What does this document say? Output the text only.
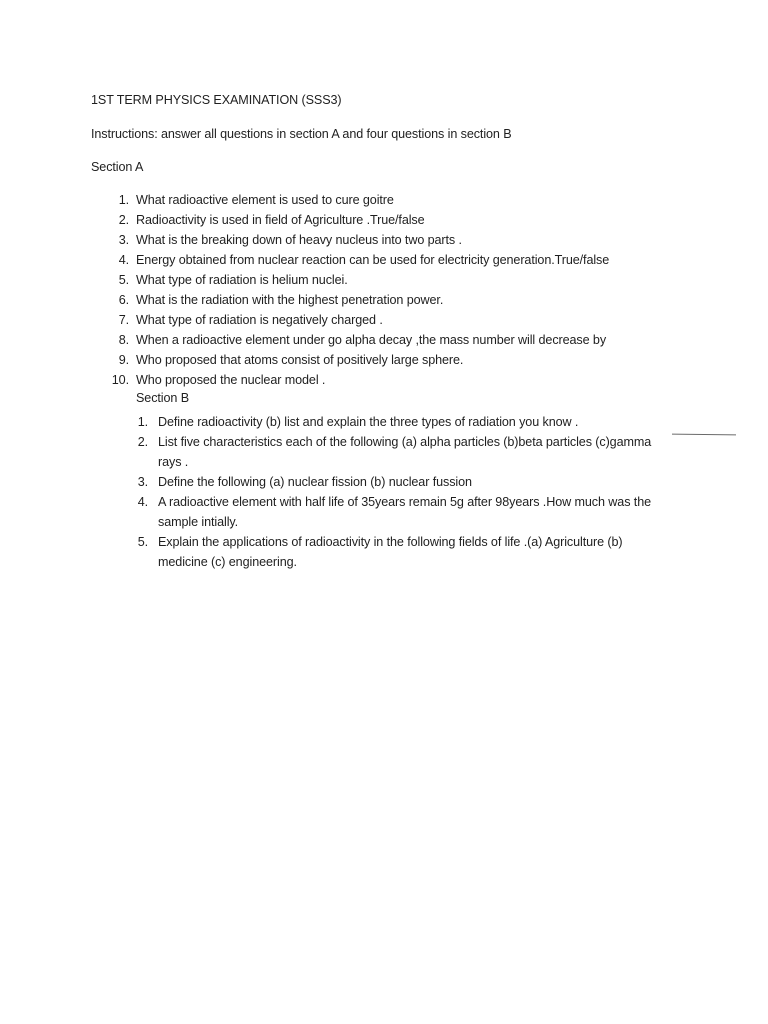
1ST TERM PHYSICS EXAMINATION (SSS3)
Instructions: answer all questions in section A and four questions in section B
Section A
1. What radioactive element is used to cure goitre
2. Radioactivity is used in field of Agriculture .True/false
3. What is the breaking down of heavy nucleus into two parts .
4. Energy obtained from nuclear reaction can be used for electricity generation.True/false
5. What type of radiation is helium nuclei.
6. What is the radiation with the highest penetration power.
7. What type of radiation is negatively charged .
8. When a radioactive element under go alpha decay ,the mass number will decrease by
9. Who proposed that atoms consist of positively large sphere.
10. Who proposed the nuclear model .
Section B
1. Define radioactivity (b) list and explain the three types of radiation you know .
2. List five characteristics each of the following (a) alpha particles (b)beta particles (c)gamma rays .
3. Define the following (a) nuclear fission (b) nuclear fussion
4. A radioactive element with half life of 35years remain 5g after 98years .How much was the sample intially.
5. Explain the applications of radioactivity in the following fields of life .(a) Agriculture (b) medicine (c) engineering.
